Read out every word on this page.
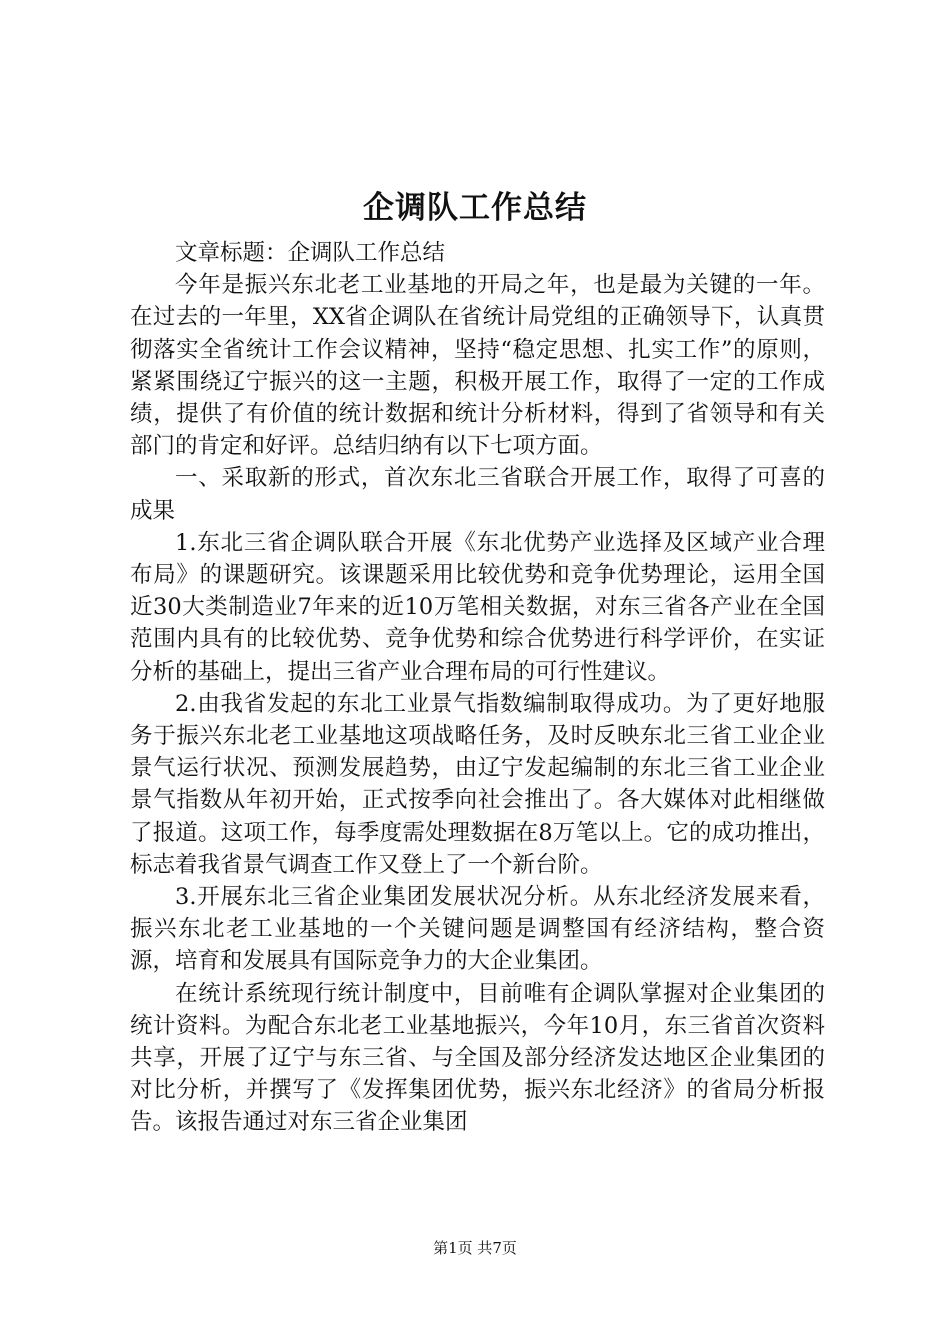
企调队工作总结

文章标题：企调队工作总结

今年是振兴东北老工业基地的开局之年，也是最为关键的一年。在过去的一年里，XX省企调队在省统计局党组的正确领导下，认真贯彻落实全省统计工作会议精神，坚持“稳定思想、扎实工作”的原则，紧紧围绕辽宁振兴的这一主题，积极开展工作，取得了一定的工作成绩，提供了有价值的统计数据和统计分析材料，得到了省领导和有关部门的肯定和好评。总结归纳有以下七项方面。

一、采取新的形式，首次东北三省联合开展工作，取得了可喜的成果

1.东北三省企调队联合开展《东北优势产业选择及区域产业合理布局》的课题研究。该课题采用比较优势和竞争优势理论，运用全国近30大类制造业7年来的近10万笔相关数据，对东三省各产业在全国范围内具有的比较优势、竞争优势和综合优势进行科学评价，在实证分析的基础上，提出三省产业合理布局的可行性建议。

2.由我省发起的东北工业景气指数编制取得成功。为了更好地服务于振兴东北老工业基地这项战略任务，及时反映东北三省工业企业景气运行状况、预测发展趋势，由辽宁发起编制的东北三省工业企业景气指数从年初开始，正式按季向社会推出了。各大媒体对此相继做了报道。这项工作，每季度需处理数据在8万笔以上。它的成功推出，标志着我省景气调查工作又登上了一个新台阶。

3.开展东北三省企业集团发展状况分析。从东北经济发展来看，振兴东北老工业基地的一个关键问题是调整国有经济结构，整合资源，培育和发展具有国际竞争力的大企业集团。

在统计系统现行统计制度中，目前唯有企调队掌握对企业集团的统计资料。为配合东北老工业基地振兴，今年10月，东三省首次资料共享，开展了辽宁与东三省、与全国及部分经济发达地区企业集团的对比分析，并撰写了《发挥集团优势，振兴东北经济》的省局分析报告。该报告通过对东三省企业集团

第1页 共7页
